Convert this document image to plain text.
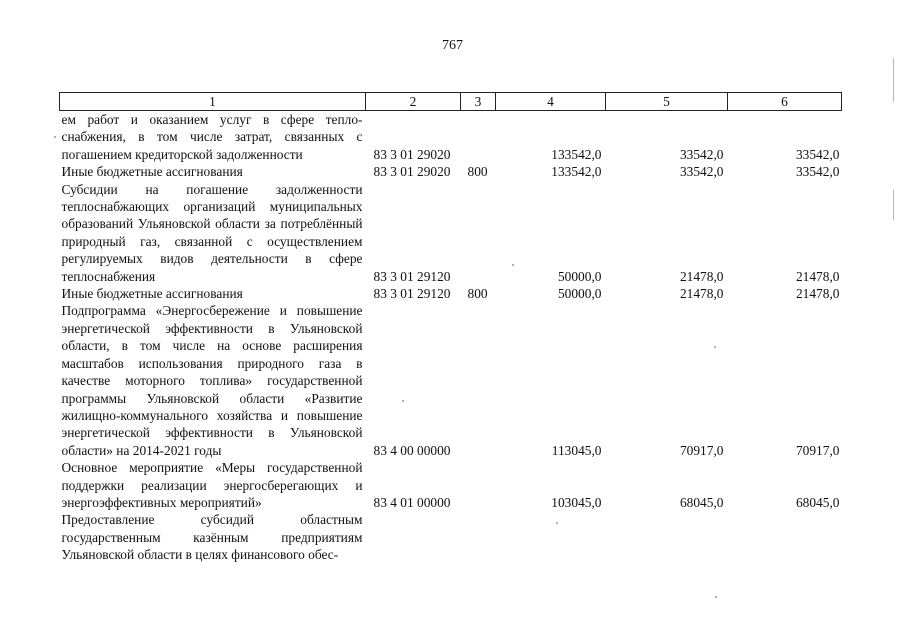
767
1	2	3	4	5	6
ем работ и оказанием услуг в сфере тепло-снабжения, в том числе затрат, связанных с погашением кредиторской задолженности	83 3 01 29020		133542,0	33542,0	33542,0
Иные бюджетные ассигнования	83 3 01 29020	800	133542,0	33542,0	33542,0
Субсидии на погашение задолженности теплоснабжающих организаций муниципальных образований Ульяновской области за потреблённый природный газ, связанной с осуществлением регулируемых видов деятельности в сфере теплоснабжения	83 3 01 29120		50000,0	21478,0	21478,0
Иные бюджетные ассигнования	83 3 01 29120	800	50000,0	21478,0	21478,0
Подпрограмма «Энергосбережение и повышение энергетической эффективности в Ульяновской области, в том числе на основе расширения масштабов использования природного газа в качестве моторного топлива» государственной программы Ульяновской области «Развитие жилищно-коммунального хозяйства и повышение энергетической эффективности в Ульяновской области» на 2014-2021 годы	83 4 00 00000		113045,0	70917,0	70917,0
Основное мероприятие «Меры государственной поддержки реализации энергосберегающих и энергоэффективных мероприятий»	83 4 01 00000		103045,0	68045,0	68045,0
Предоставление субсидий областным государственным казённым предприятиям Ульяновской области в целях финансового обес-					
